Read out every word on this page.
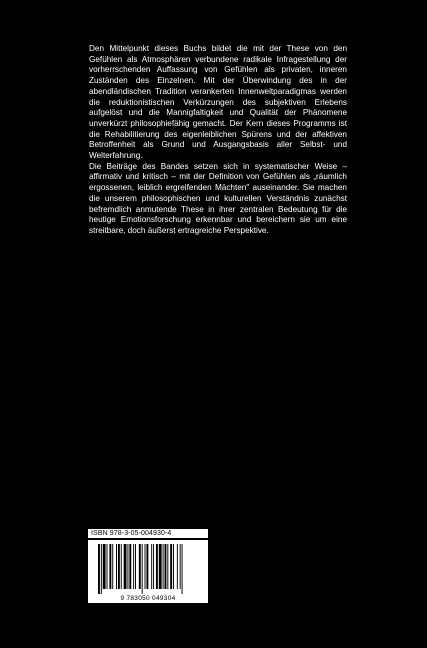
Den Mittelpunkt dieses Buchs bildet die mit der These von den Gefühlen als Atmosphären verbundene radikale Infragestellung der vorherrschenden Auffassung von Gefühlen als privaten, inneren Zuständen des Einzelnen. Mit der Überwindung des in der abendländischen Tradition verankerten Innenweltparadigmas werden die reduktionistischen Verkürzungen des subjektiven Erlebens aufgelöst und die Mannigfaltigkeit und Qualität der Phänomene unverkürzt philosophiefähig gemacht. Der Kern dieses Programms ist die Rehabilitierung des eigenleiblichen Spürens und der affektiven Betroffenheit als Grund und Ausgangsbasis aller Selbst- und Welterfahrung.

Die Beiträge des Bandes setzen sich in systematischer Weise – affirmativ und kritisch – mit der Definition von Gefühlen als „räumlich ergossenen, leiblich ergreifenden Mächten" auseinander. Sie machen die unserem philosophischen und kulturellen Verständnis zunächst befremdlich anmutende These in ihrer zentralen Bedeutung für die heutige Emotionsforschung erkennbar und bereichern sie um eine streitbare, doch äußerst ertragreiche Perspektive.

ISBN 978-3-05-004930-4
9 783050 049304
